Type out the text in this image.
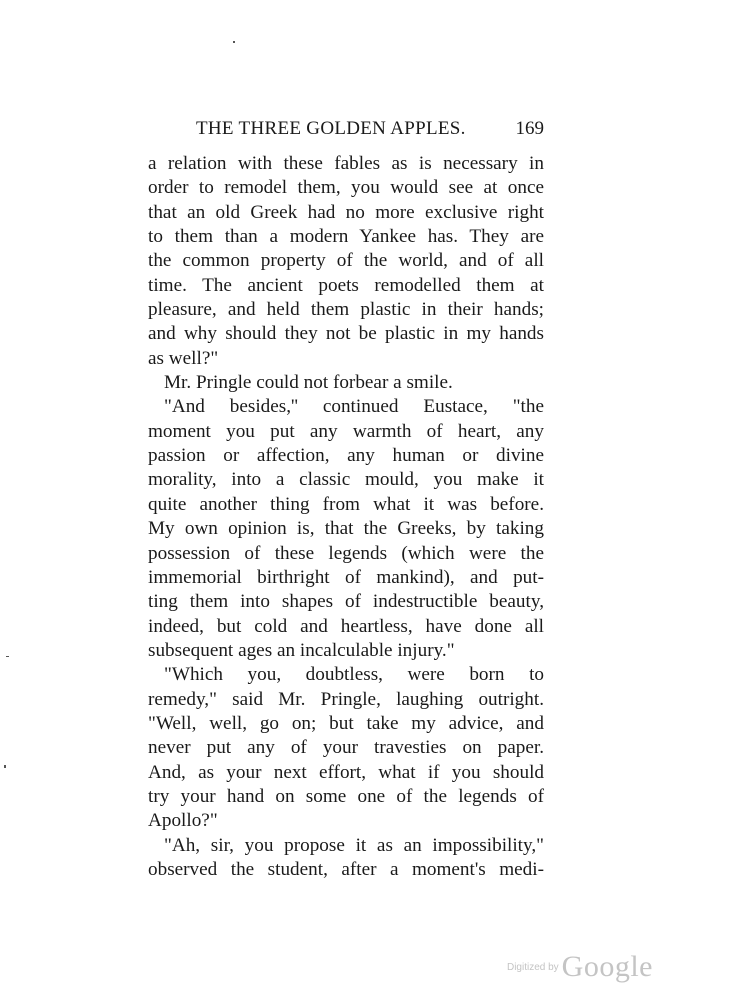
THE THREE GOLDEN APPLES.	169
a relation with these fables as is necessary in
order to remodel them, you would see at once
that an old Greek had no more exclusive right
to them than a modern Yankee has. They are
the common property of the world, and of all
time. The ancient poets remodelled them at
pleasure, and held them plastic in their hands;
and why should they not be plastic in my hands
as well?"
Mr. Pringle could not forbear a smile.
"And besides,'' continued Eustace, "the
moment you put any warmth of heart, any
passion or affection, any human or divine
morality, into a classic mould, you make it
quite another thing from what it was before.
My own opinion is, that the Greeks, by taking
possession of these legends (which were the
immemorial birthright of mankind), and put-
ting them into shapes of indestructible beauty,
indeed, but cold and heartless, have done all
subsequent ages an incalculable injury."
"Which you, doubtless, were born to
remedy," said Mr. Pringle, laughing outright.
"Well, well, go on; but take my advice, and
never put any of your travesties on paper.
And, as your next effort, what if you should
try your hand on some one of the legends of
Apollo?"
"Ah, sir, you propose it as an impossibility,"
observed the student, after a moment's medi-
Digitized by Google
